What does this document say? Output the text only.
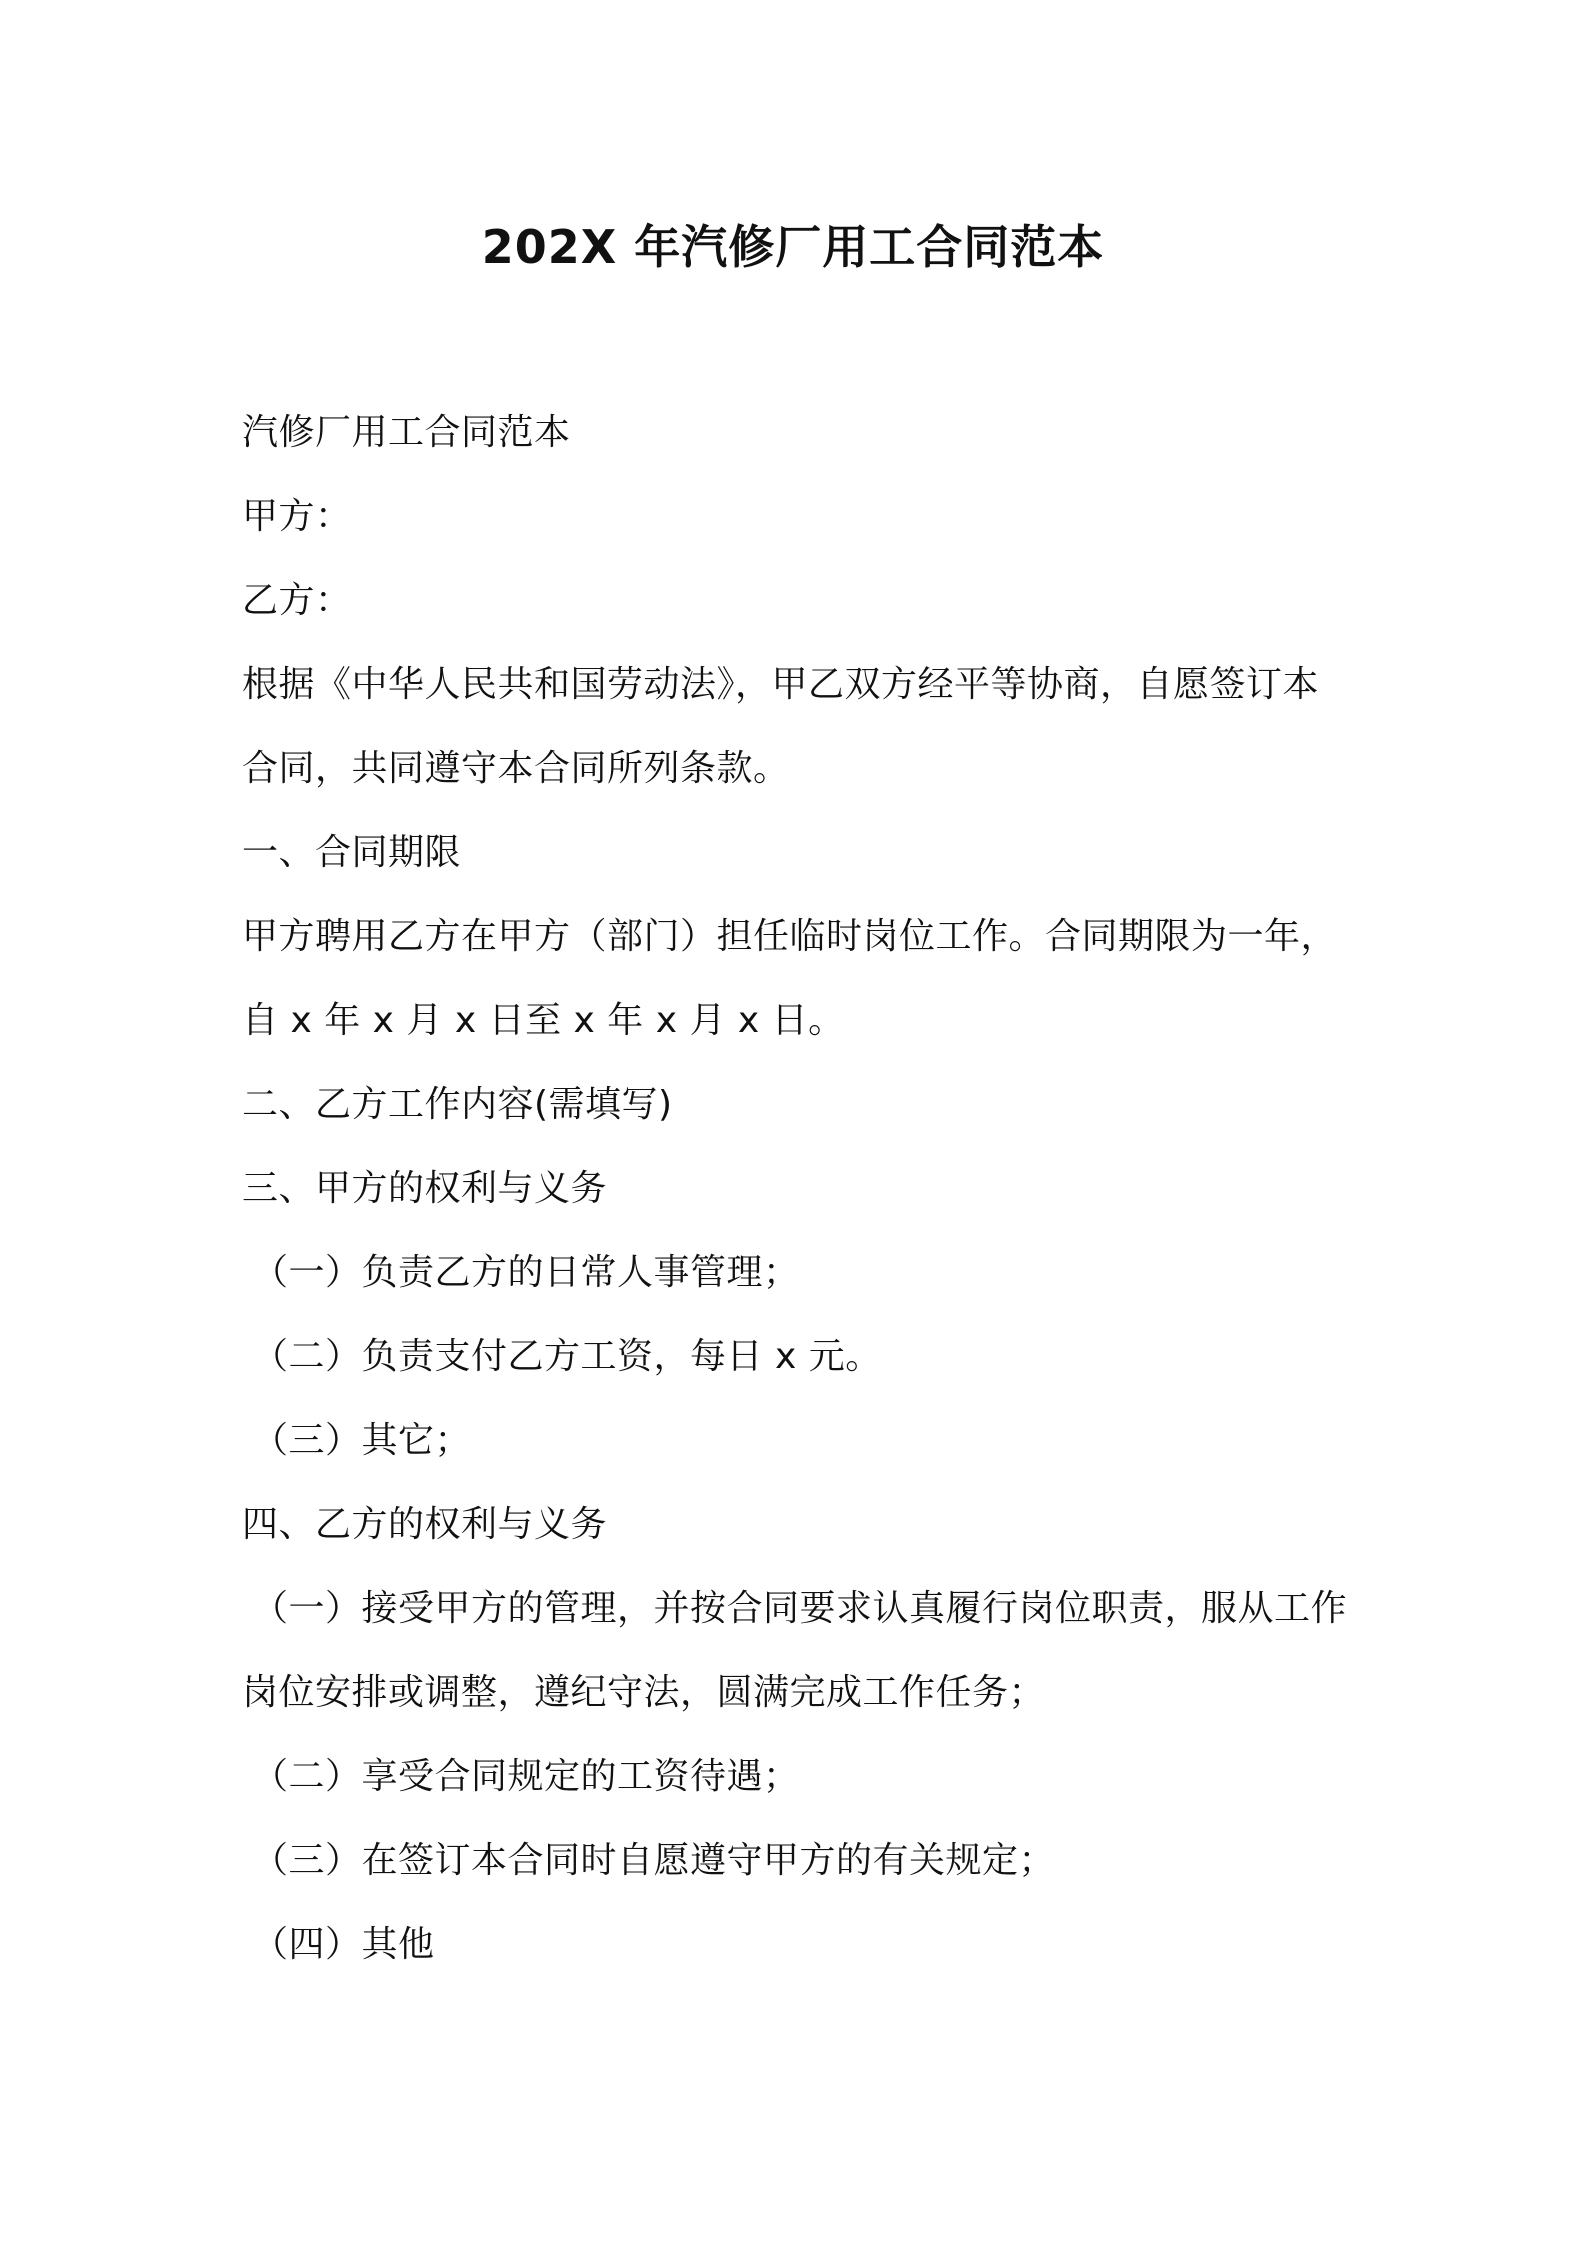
202X 年汽修厂用工合同范本
汽修厂用工合同范本
甲方：
乙方：
根据《中华人民共和国劳动法》，甲乙双方经平等协商，自愿签订本
合同，共同遵守本合同所列条款。
一、合同期限
甲方聘用乙方在甲方（部门）担任临时岗位工作。合同期限为一年，
自 x 年 x 月 x 日至 x 年 x 月 x 日。
二、乙方工作内容(需填写)
三、甲方的权利与义务
（一）负责乙方的日常人事管理；
（二）负责支付乙方工资，每日 x 元。
（三）其它；
四、乙方的权利与义务
（一）接受甲方的管理，并按合同要求认真履行岗位职责，服从工作
岗位安排或调整，遵纪守法，圆满完成工作任务；
（二）享受合同规定的工资待遇；
（三）在签订本合同时自愿遵守甲方的有关规定；
（四）其他
